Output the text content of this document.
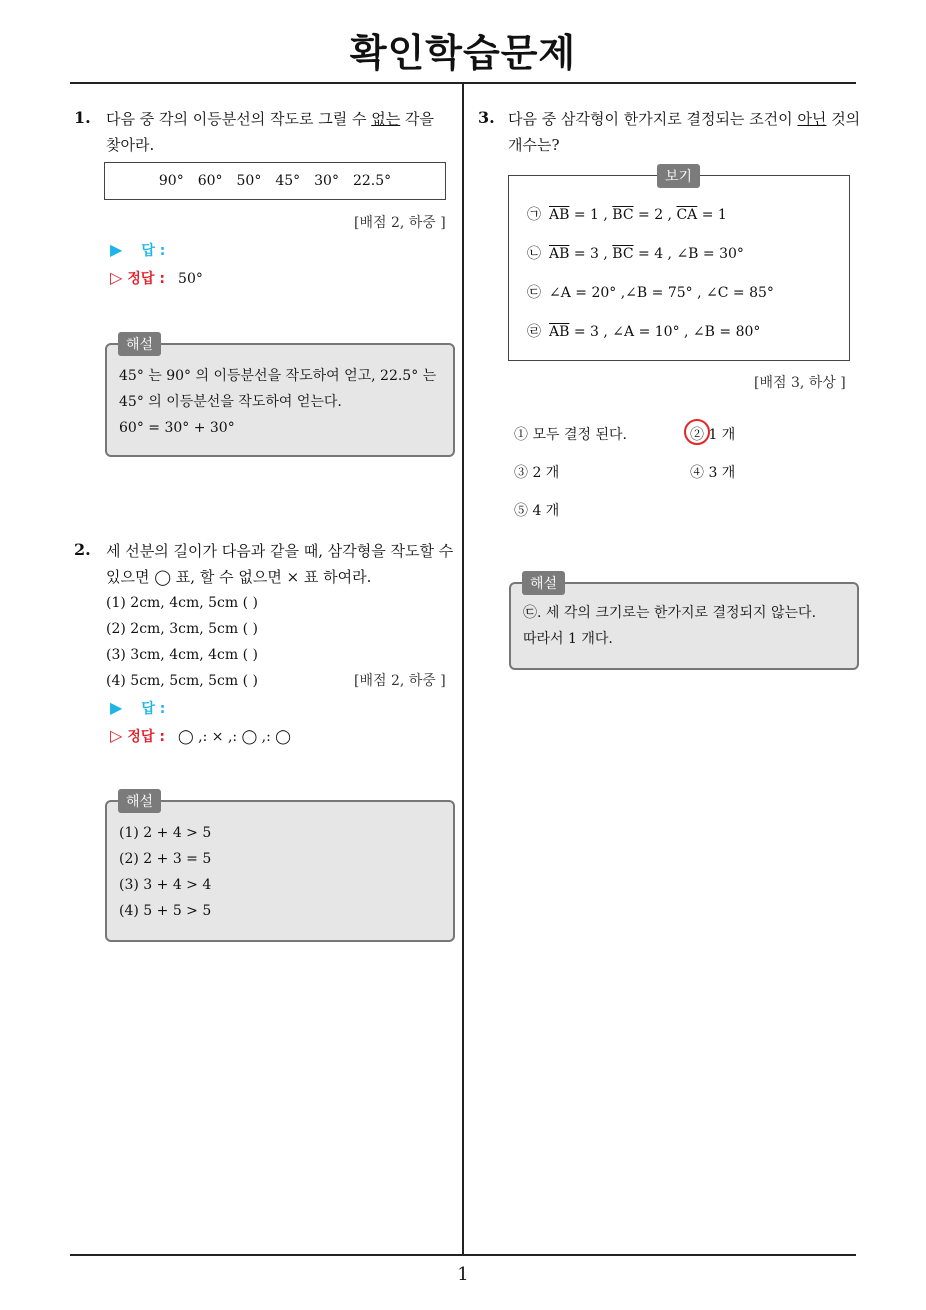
확인학습문제
1
1. 다음 중 각의 이등분선의 작도로 그릴 수 없는 각을
찾아라.
90°　60°　50°　45°　30°　22.5°
[배점 2, 하중 ]
▶ 답 :
▷ 정답 : 50°
45° 는 90° 의 이등분선을 작도하여 얻고, 22.5° 는
45° 의 이등분선을 작도하여 얻는다.
60° = 30° + 30°
해설
2. 세 선분의 길이가 다음과 같을 때, 삼각형을 작도할 수
있으면 ◯ 표, 할 수 없으면 × 표 하여라.
(1) 2cm, 4cm, 5cm ( )
(2) 2cm, 3cm, 5cm ( )
(3) 3cm, 4cm, 4cm ( )
(4) 5cm, 5cm, 5cm ( )	[배점 2, 하중 ]
▶ 답 :
▷ 정답 : ◯ ,: × ,: ◯ ,: ◯
(1) 2 + 4 > 5
(2) 2 + 3 = 5
(3) 3 + 4 > 4
(4) 5 + 5 > 5
해설
3. 다음 중 삼각형이 한가지로 결정되는 조건이 아닌 것의
개수는?
㉠ $\overline{AB} = 1$ , $\overline{BC} = 2$ , $\overline{CA} = 1$
㉡ $\overline{AB} = 3$ , $\overline{BC} = 4$ , ∠B = 30°
㉢ ∠A = 20° ,∠B = 75° , ∠C = 85°
㉣ $\overline{AB} = 3$ , ∠A = 10° , ∠B = 80°
보기
[배점 3, 하상 ]
① 모두 결정 된다.	② 1 개
③ 2 개	④ 3 개
⑤ 4 개
㉢. 세 각의 크기로는 한가지로 결정되지 않는다.
따라서 1 개다.
해설
